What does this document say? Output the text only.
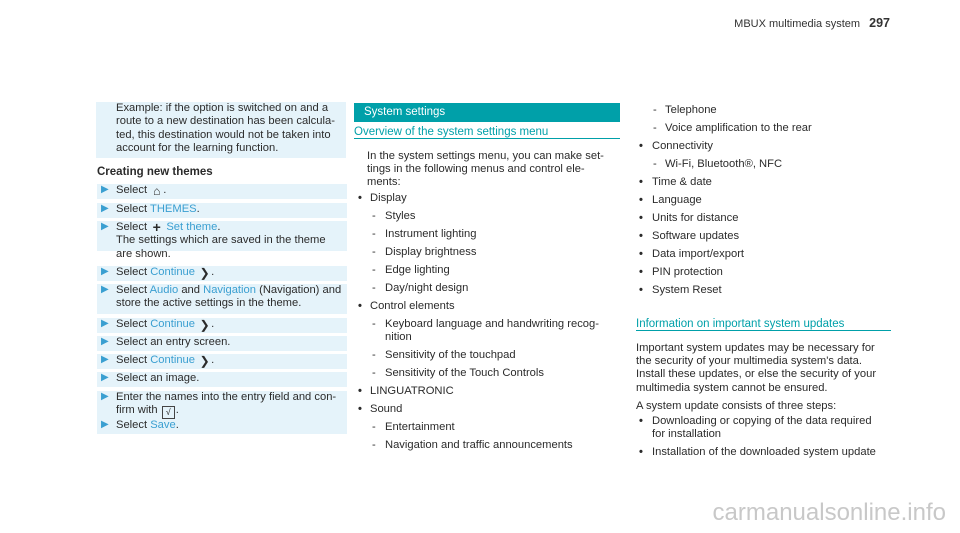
MBUX multimedia system 297

Example: if the option is switched on and a
route to a new destination has been calcula-
ted, this destination would not be taken into
account for the learning function.

Creating new themes
▶ Select ⌂ .
▶ Select THEMES.
▶ Select + Set theme.
The settings which are saved in the theme are shown.
▶ Select Continue ❯.
▶ Select Audio and Navigation (Navigation) and
store the active settings in the theme.
▶ Select Continue ❯.
▶ Select an entry screen.
▶ Select Continue ❯.
▶ Select an image.
▶ Enter the names into the entry field and con-
firm with √ .
▶ Select Save.
System settings
Overview of the system settings menu
In the system settings menu, you can make set-
tings in the following menus and control ele-
ments:
Information on important system updates
Important system updates may be necessary for
the security of your multimedia system's data.
Install these updates, or else the security of your
multimedia system cannot be ensured.
A system update consists of three steps:
carmanualsonline.info
• Display
- Styles
- Instrument lighting
- Display brightness
- Edge lighting
- Day/night design
• Control elements
- Keyboard language and handwriting recog-
nition
- Sensitivity of the touchpad
- Sensitivity of the Touch Controls
• LINGUATRONIC
• Sound
- Entertainment
- Navigation and traffic announcements
- Telephone
- Voice amplification to the rear
• Connectivity
- Wi-Fi, Bluetooth®, NFC
• Time & date
• Language
• Units for distance
• Software updates
• Data import/export
• PIN protection
• System Reset
• Downloading or copying of the data required
for installation
• Installation of the downloaded system update
